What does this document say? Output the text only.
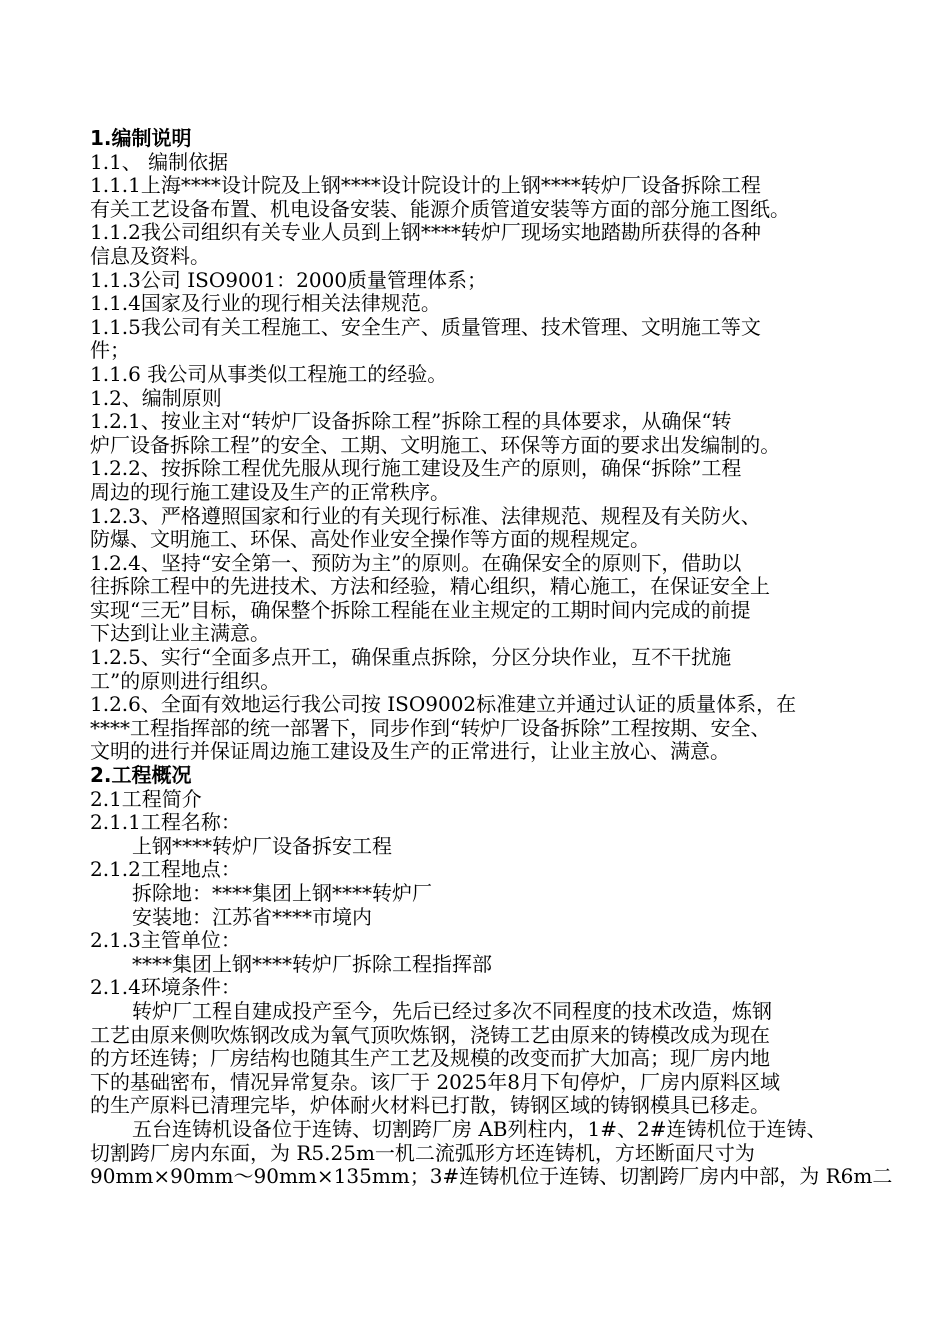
1.编制说明
1.1、 编制依据
1.1.1上海****设计院及上钢****设计院设计的上钢****转炉厂设备拆除工程
有关工艺设备布置、机电设备安装、能源介质管道安装等方面的部分施工图纸。
1.1.2我公司组织有关专业人员到上钢****转炉厂现场实地踏勘所获得的各种
信息及资料。
1.1.3公司 ISO9001：2000质量管理体系；
1.1.4国家及行业的现行相关法律规范。
1.1.5我公司有关工程施工、安全生产、质量管理、技术管理、文明施工等文
件；
1.1.6 我公司从事类似工程施工的经验。
1.2、编制原则
1.2.1、按业主对“转炉厂设备拆除工程”拆除工程的具体要求，从确保“转
炉厂设备拆除工程”的安全、工期、文明施工、环保等方面的要求出发编制的。
1.2.2、按拆除工程优先服从现行施工建设及生产的原则，确保“拆除”工程
周边的现行施工建设及生产的正常秩序。
1.2.3、严格遵照国家和行业的有关现行标准、法律规范、规程及有关防火、
防爆、文明施工、环保、高处作业安全操作等方面的规程规定。
1.2.4、坚持“安全第一、预防为主”的原则。在确保安全的原则下，借助以
往拆除工程中的先进技术、方法和经验，精心组织，精心施工，在保证安全上
实现“三无”目标，确保整个拆除工程能在业主规定的工期时间内完成的前提
下达到让业主满意。
1.2.5、实行“全面多点开工，确保重点拆除，分区分块作业，互不干扰施
工”的原则进行组织。
1.2.6、全面有效地运行我公司按 ISO9002标准建立并通过认证的质量体系，在
****工程指挥部的统一部署下，同步作到“转炉厂设备拆除”工程按期、安全、
文明的进行并保证周边施工建设及生产的正常进行，让业主放心、满意。
2.工程概况
2.1工程简介
2.1.1工程名称：
上钢****转炉厂设备拆安工程
2.1.2工程地点：
拆除地：****集团上钢****转炉厂
安装地：江苏省****市境内
2.1.3主管单位：
****集团上钢****转炉厂拆除工程指挥部
2.1.4环境条件：
转炉厂工程自建成投产至今，先后已经过多次不同程度的技术改造，炼钢
工艺由原来侧吹炼钢改成为氧气顶吹炼钢，浇铸工艺由原来的铸模改成为现在
的方坯连铸；厂房结构也随其生产工艺及规模的改变而扩大加高；现厂房内地
下的基础密布，情况异常复杂。该厂于 2025年8月下旬停炉，厂房内原料区域
的生产原料已清理完毕，炉体耐火材料已打散，铸钢区域的铸钢模具已移走。
五台连铸机设备位于连铸、切割跨厂房 AB列柱内，1#、2#连铸机位于连铸、
切割跨厂房内东面，为 R5.25m一机二流弧形方坯连铸机，方坯断面尺寸为
90mm×90mm～90mm×135mm；3#连铸机位于连铸、切割跨厂房内中部，为 R6m二
